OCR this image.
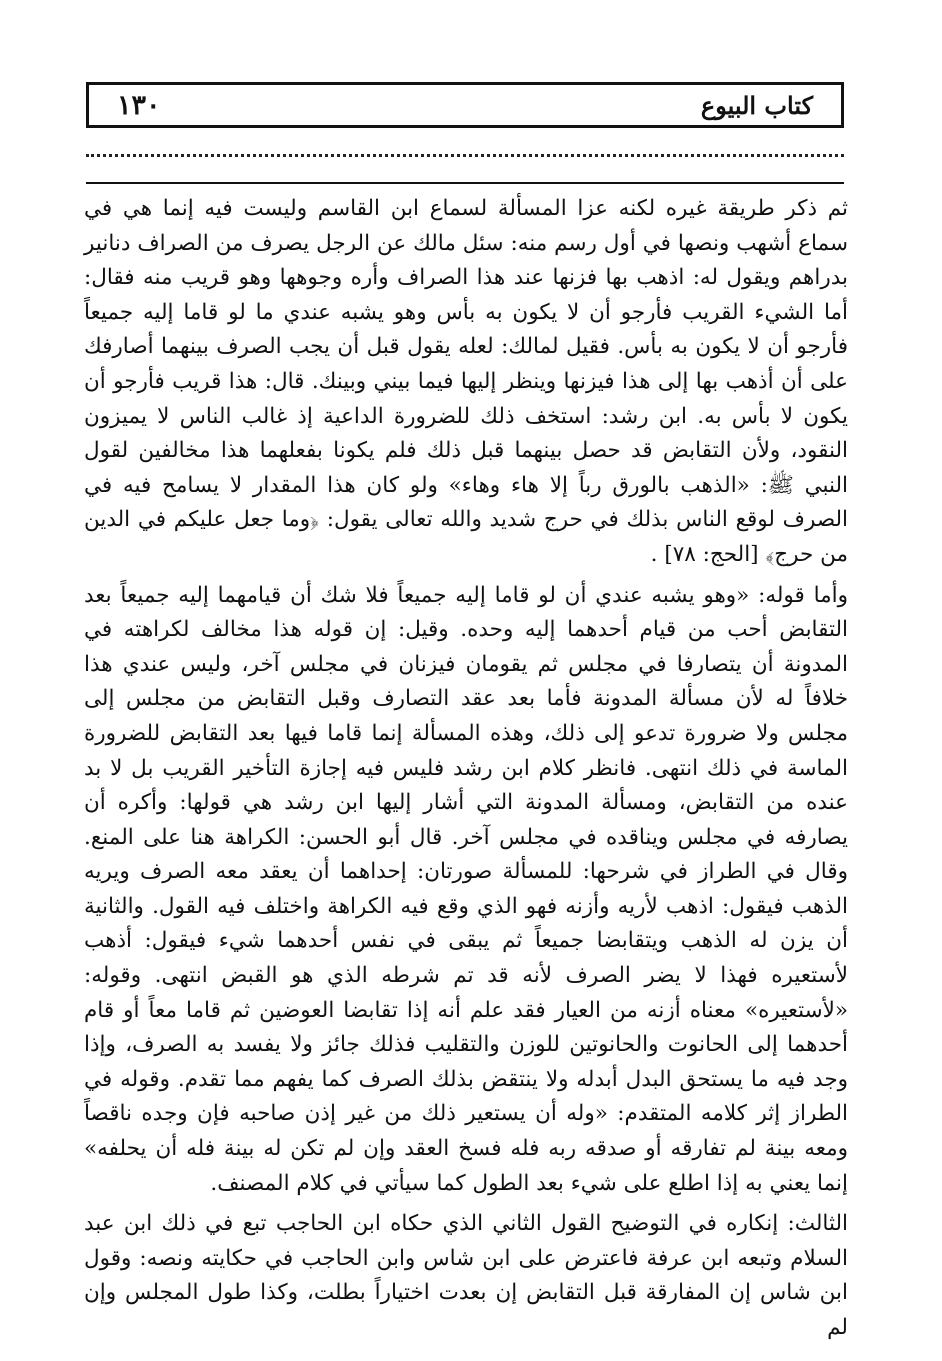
١٣٠	كتاب البيوع

ثم ذكر طريقة غيره لكنه عزا المسألة لسماع ابن القاسم وليست فيه إنما هي في سماع أشهب ونصها في أول رسم منه: سئل مالك عن الرجل يصرف من الصراف دنانير بدراهم ويقول له: اذهب بها فزنها عند هذا الصراف وأره وجوهها وهو قريب منه فقال: أما الشيء القريب فأرجو أن لا يكون به بأس وهو يشبه عندي ما لو قاما إليه جميعاً فأرجو أن لا يكون به بأس. فقيل لمالك: لعله يقول قبل أن يجب الصرف بينهما أصارفك على أن أذهب بها إلى هذا فيزنها وينظر إليها فيما بيني وبينك. قال: هذا قريب فأرجو أن يكون لا بأس به. ابن رشد: استخف ذلك للضرورة الداعية إذ غالب الناس لا يميزون النقود، ولأن التقابض قد حصل بينهما قبل ذلك فلم يكونا بفعلهما هذا مخالفين لقول النبي ﷺ: «الذهب بالورق رباً إلا هاء وهاء» ولو كان هذا المقدار لا يسامح فيه في الصرف لوقع الناس بذلك في حرج شديد والله تعالى يقول: ﴿وما جعل عليكم في الدين من حرج﴾ [الحج: ٧٨] .

وأما قوله: «وهو يشبه عندي أن لو قاما إليه جميعاً فلا شك أن قيامهما إليه جميعاً بعد التقابض أحب من قيام أحدهما إليه وحده. وقيل: إن قوله هذا مخالف لكراهته في المدونة أن يتصارفا في مجلس ثم يقومان فيزنان في مجلس آخر، وليس عندي هذا خلافاً له لأن مسألة المدونة فأما بعد عقد التصارف وقبل التقابض من مجلس إلى مجلس ولا ضرورة تدعو إلى ذلك، وهذه المسألة إنما قاما فيها بعد التقابض للضرورة الماسة في ذلك انتهى. فانظر كلام ابن رشد فليس فيه إجازة التأخير القريب بل لا بد عنده من التقابض، ومسألة المدونة التي أشار إليها ابن رشد هي قولها: وأكره أن يصارفه في مجلس ويناقده في مجلس آخر. قال أبو الحسن: الكراهة هنا على المنع. وقال في الطراز في شرحها: للمسألة صورتان: إحداهما أن يعقد معه الصرف ويريه الذهب فيقول: اذهب لأريه وأزنه فهو الذي وقع فيه الكراهة واختلف فيه القول. والثانية أن يزن له الذهب ويتقابضا جميعاً ثم يبقى في نفس أحدهما شيء فيقول: أذهب لأستعيره فهذا لا يضر الصرف لأنه قد تم شرطه الذي هو القبض انتهى. وقوله: «لأستعيره» معناه أزنه من العيار فقد علم أنه إذا تقابضا العوضين ثم قاما معاً أو قام أحدهما إلى الحانوت والحانوتين للوزن والتقليب فذلك جائز ولا يفسد به الصرف، وإذا وجد فيه ما يستحق البدل أبدله ولا ينتقض بذلك الصرف كما يفهم مما تقدم. وقوله في الطراز إثر كلامه المتقدم: «وله أن يستعير ذلك من غير إذن صاحبه فإن وجده ناقصاً ومعه بينة لم تفارقه أو صدقه ربه فله فسخ العقد وإن لم تكن له بينة فله أن يحلفه» إنما يعني به إذا اطلع على شيء بعد الطول كما سيأتي في كلام المصنف.

الثالث: إنكاره في التوضيح القول الثاني الذي حكاه ابن الحاجب تبع في ذلك ابن عبد السلام وتبعه ابن عرفة فاعترض على ابن شاس وابن الحاجب في حكايته ونصه: وقول ابن شاس إن المفارقة قبل التقابض إن بعدت اختياراً بطلت، وكذا طول المجلس وإن لم
